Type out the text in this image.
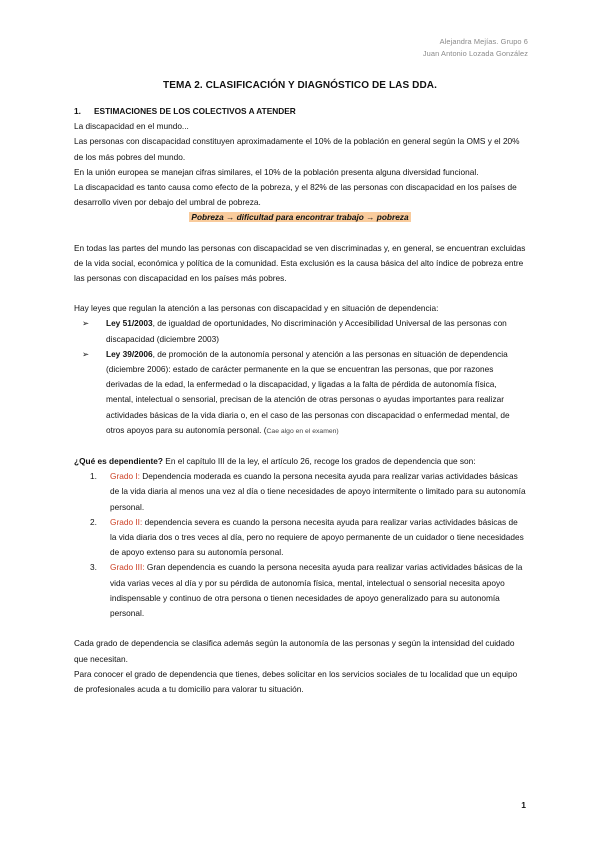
Alejandra Mejías. Grupo 6
Juan Antonio Lozada González
TEMA 2. CLASIFICACIÓN Y DIAGNÓSTICO DE LAS DDA.

1. ESTIMACIONES DE LOS COLECTIVOS A ATENDER

La discapacidad en el mundo...

Las personas con discapacidad constituyen aproximadamente el 10% de la población en general según la OMS y el 20% de los más pobres del mundo.

En la unión europea se manejan cifras similares, el 10% de la población presenta alguna diversidad funcional.

La discapacidad es tanto causa como efecto de la pobreza, y el 82% de las personas con discapacidad en los países de desarrollo viven por debajo del umbral de pobreza.

Pobreza → dificultad para encontrar trabajo → pobreza

En todas las partes del mundo las personas con discapacidad se ven discriminadas y, en general, se encuentran excluidas de la vida social, económica y política de la comunidad. Esta exclusión es la causa básica del alto índice de pobreza entre las personas con discapacidad en los países más pobres.

Hay leyes que regulan la atención a las personas con discapacidad y en situación de dependencia:

➢ Ley 51/2003, de igualdad de oportunidades, No discriminación y Accesibilidad Universal de las personas con discapacidad (diciembre 2003)
➢ Ley 39/2006, de promoción de la autonomía personal y atención a las personas en situación de dependencia (diciembre 2006): estado de carácter permanente en la que se encuentran las personas, que por razones derivadas de la edad, la enfermedad o la discapacidad, y ligadas a la falta de pérdida de autonomía física, mental, intelectual o sensorial, precisan de la atención de otras personas o ayudas importantes para realizar actividades básicas de la vida diaria o, en el caso de las personas con discapacidad o enfermedad mental, de otros apoyos para su autonomía personal. (Cae algo en el examen)

¿Qué es dependiente? En el capítulo III de la ley, el artículo 26, recoge los grados de dependencia que son:

1. Grado I: Dependencia moderada es cuando la persona necesita ayuda para realizar varias actividades básicas de la vida diaria al menos una vez al día o tiene necesidades de apoyo intermitente o limitado para su autonomía personal.
2. Grado II: dependencia severa es cuando la persona necesita ayuda para realizar varias actividades básicas de la vida diaria dos o tres veces al día, pero no requiere de apoyo permanente de un cuidador o tiene necesidades de apoyo extenso para su autonomía personal.
3. Grado III: Gran dependencia es cuando la persona necesita ayuda para realizar varias actividades básicas de la vida varias veces al día y por su pérdida de autonomía física, mental, intelectual o sensorial necesita apoyo indispensable y continuo de otra persona o tienen necesidades de apoyo generalizado para su autonomía personal.

Cada grado de dependencia se clasifica además según la autonomía de las personas y según la intensidad del cuidado que necesitan.

Para conocer el grado de dependencia que tienes, debes solicitar en los servicios sociales de tu localidad que un equipo de profesionales acuda a tu domicilio para valorar tu situación.

1
